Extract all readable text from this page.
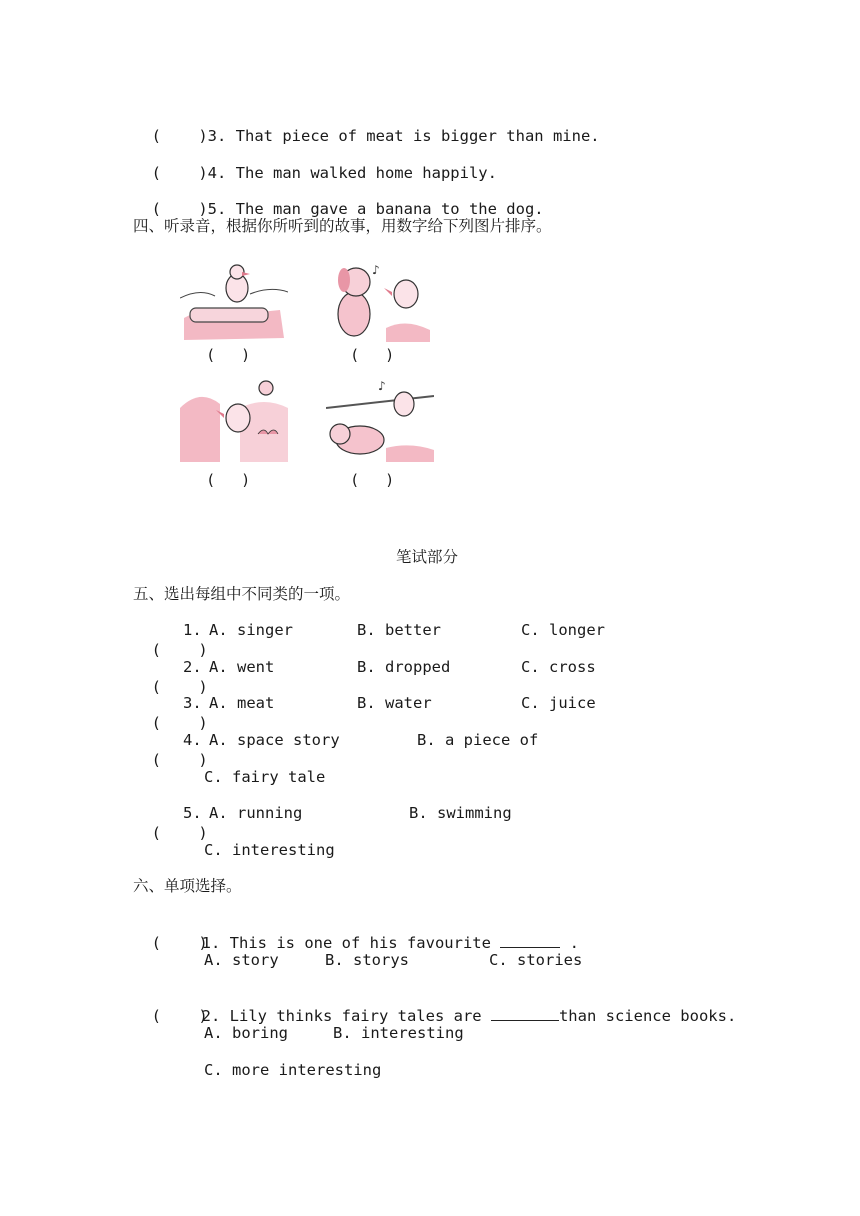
(    )3. That piece of meat is bigger than mine.

(    )4. The man walked home happily.

(    )5. The man gave a banana to the dog.

四、听录音，根据你所听到的故事，用数字给下列图片排序。
(      )
♪
(      )
(      )
♪
(      )
笔试部分
五、选出每组中不同类的一项。

(    )

1. A. singer	B. better	C. longer

(    )

2. A. went	B. dropped	C. cross

(    )

3. A. meat	B. water	C. juice

(    )

4. A. space story	B. a piece of
C. fairy tale

(    )

5. A. running	B. swimming
C. interesting
六、单项选择。

(    )

1. This is one of his favourite	.

A. story	B. storys	C. stories

(    )

2. Lily thinks fairy tales are	than science books.

A. boring	B. interesting
C. more interesting
